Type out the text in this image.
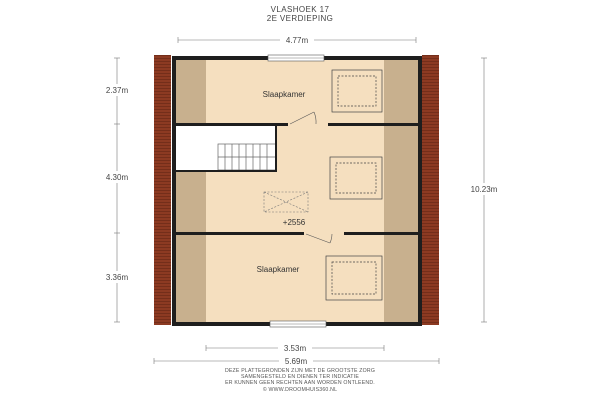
VLASHOEK 17
2E VERDIEPING
Slaapkamer
+2556
Slaapkamer
4.77m
3.53m
5.69m
10.23m
2.37m
4.30m
3.36m
DEZE PLATTEGRONDEN ZIJN MET DE GROOTSTE ZORG
SAMENGESTELD EN DIENEN TER INDICATIE
ER KUNNEN GEEN RECHTEN AAN WORDEN ONTLEEND.
© WWW.DROOMHUIS360.NL
